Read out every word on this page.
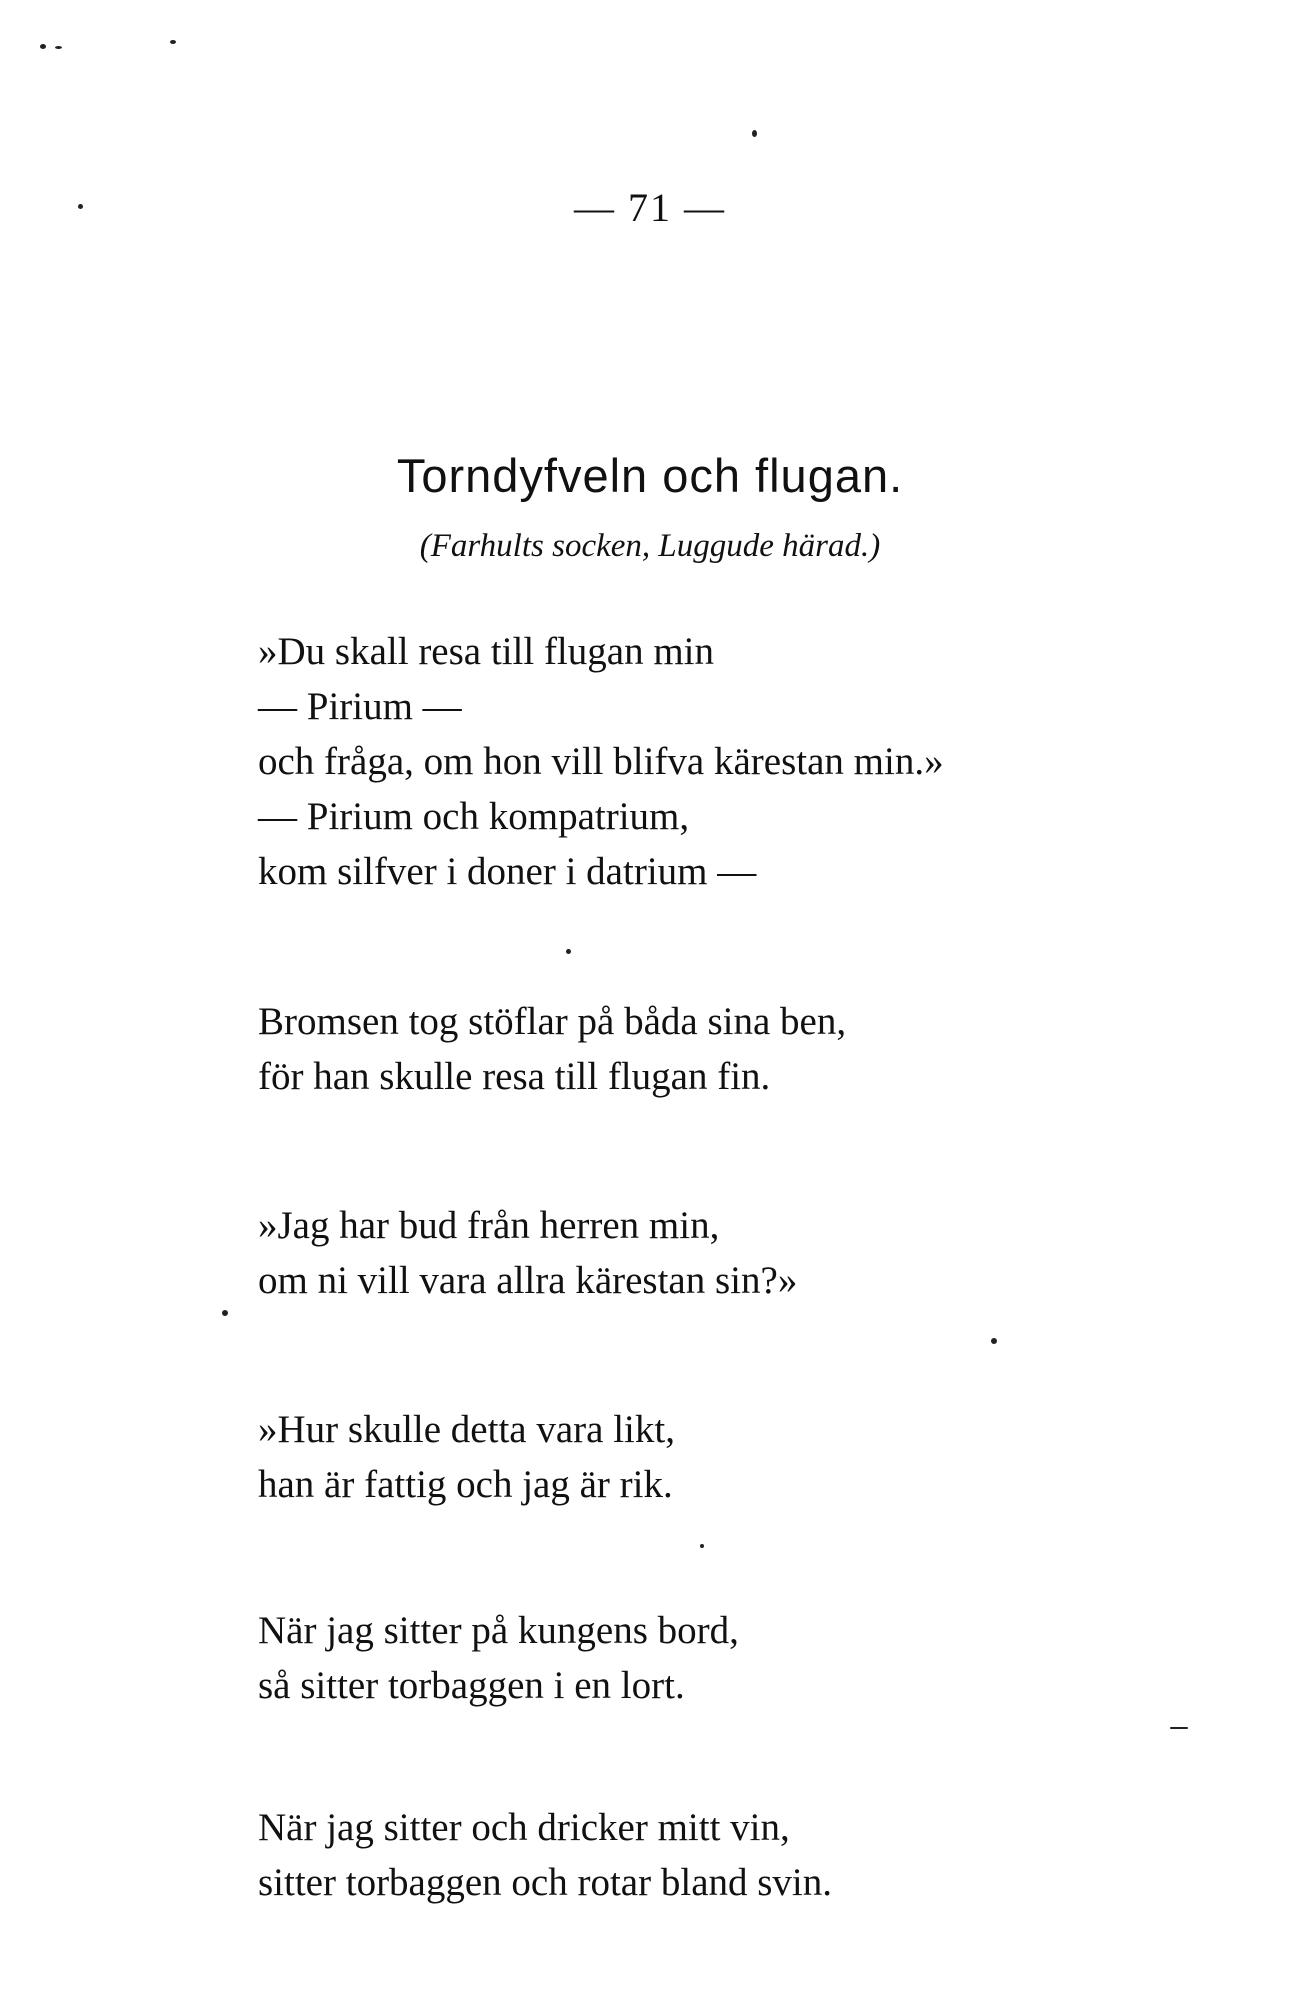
— 71 —
Torndyfveln och flugan.
(Farhults socken, Luggude härad.)
»Du skall resa till flugan min
— Pirium —
och fråga, om hon vill blifva kärestan min.»
— Pirium och kompatrium,
kom silfver i doner i datrium —
Bromsen tog stöflar på båda sina ben,
för han skulle resa till flugan fin.
»Jag har bud från herren min,
om ni vill vara allra kärestan sin?»
»Hur skulle detta vara likt,
han är fattig och jag är rik.
När jag sitter på kungens bord,
så sitter torbaggen i en lort.
När jag sitter och dricker mitt vin,
sitter torbaggen och rotar bland svin.
